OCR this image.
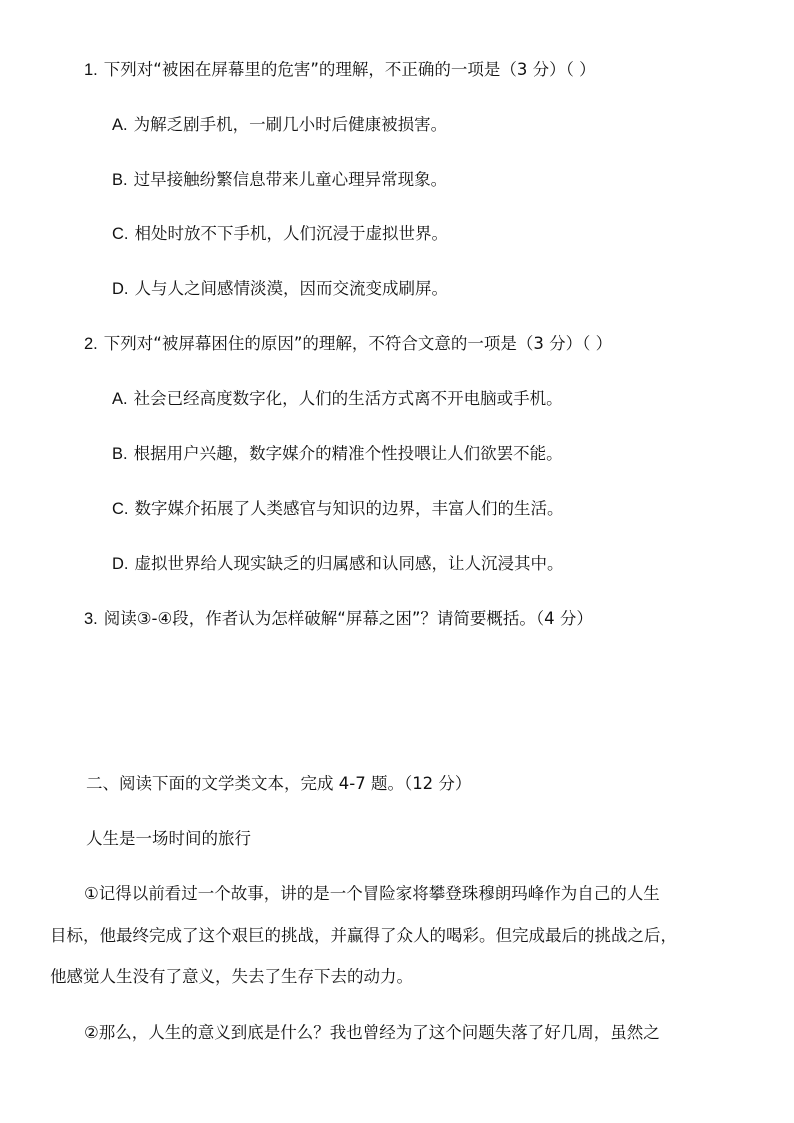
1. 下列对“被困在屏幕里的危害”的理解，不正确的一项是（3 分）（ ）
A. 为解乏剧手机，一刷几小时后健康被损害。
B. 过早接触纷繁信息带来儿童心理异常现象。
C. 相处时放不下手机，人们沉浸于虚拟世界。
D. 人与人之间感情淡漠，因而交流变成刷屏。
2. 下列对“被屏幕困住的原因”的理解，不符合文意的一项是（3 分）（ ）
A. 社会已经高度数字化，人们的生活方式离不开电脑或手机。
B. 根据用户兴趣，数字媒介的精准个性投喂让人们欲罢不能。
C. 数字媒介拓展了人类感官与知识的边界，丰富人们的生活。
D. 虚拟世界给人现实缺乏的归属感和认同感，让人沉浸其中。
3. 阅读③-④段，作者认为怎样破解“屏幕之困”？请简要概括。（4 分）
二、阅读下面的文学类文本，完成 4-7 题。（12 分）
人生是一场时间的旅行
①记得以前看过一个故事，讲的是一个冒险家将攀登珠穆朗玛峰作为自己的人生
目标，他最终完成了这个艰巨的挑战，并赢得了众人的喝彩。但完成最后的挑战之后，
他感觉人生没有了意义，失去了生存下去的动力。
②那么，人生的意义到底是什么？我也曾经为了这个问题失落了好几周，虽然之
